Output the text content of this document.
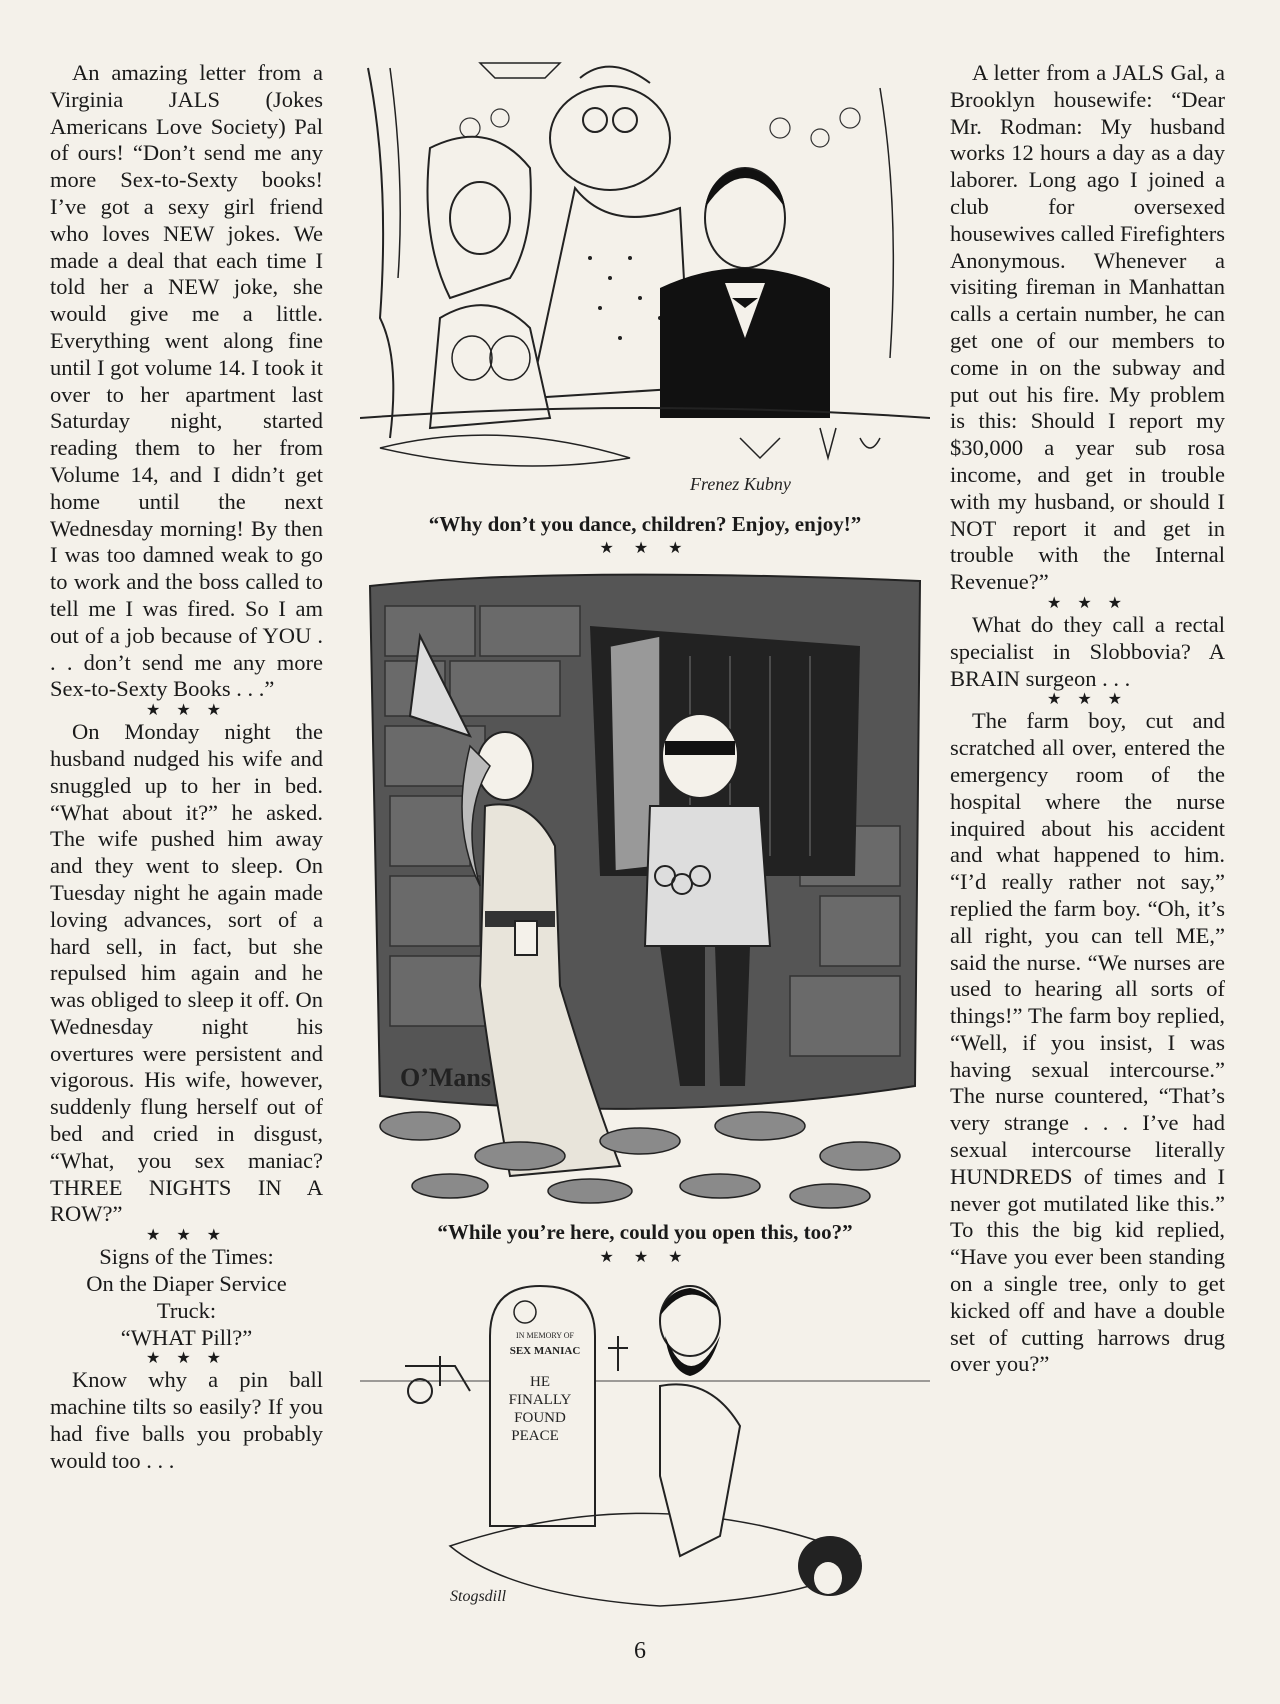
An amazing letter from a Virginia JALS (Jokes Americans Love Society) Pal of ours! “Don’t send me any more Sex-to-Sexty books! I’ve got a sexy girl friend who loves NEW jokes. We made a deal that each time I told her a NEW joke, she would give me a little. Everything went along fine until I got volume 14. I took it over to her apartment last Saturday night, started reading them to her from Volume 14, and I didn’t get home until the next Wednesday morning! By then I was too damned weak to go to work and the boss called to tell me I was fired. So I am out of a job because of YOU . . . don’t send me any more Sex-to-Sexty Books . . .”

★ ★ ★

On Monday night the husband nudged his wife and snuggled up to her in bed. “What about it?” he asked. The wife pushed him away and they went to sleep. On Tuesday night he again made loving advances, sort of a hard sell, in fact, but she repulsed him again and he was obliged to sleep it off. On Wednesday night his overtures were persistent and vigorous. His wife, however, suddenly flung herself out of bed and cried in disgust, “What, you sex maniac? THREE NIGHTS IN A ROW?”

★ ★ ★

Signs of the Times:

On the Diaper Service

Truck:

“WHAT Pill?”

★ ★ ★

Know why a pin ball machine tilts so easily? If you had five balls you probably would too . . .

Frenez Kubny
“Why don’t you dance, children? Enjoy, enjoy!”
★ ★ ★
O’Mans
“While you’re here, could you open this, too?”
★ ★ ★
IN MEMORY OF
SEX MANIAC
HE
FINALLY
FOUND
PEACE
Stogsdill

A letter from a JALS Gal, a Brooklyn housewife: “Dear Mr. Rodman: My husband works 12 hours a day as a day laborer. Long ago I joined a club for oversexed housewives called Firefighters Anonymous. Whenever a visiting fireman in Manhattan calls a certain number, he can get one of our members to come in on the subway and put out his fire. My problem is this: Should I report my $30,000 a year sub rosa income, and get in trouble with my husband, or should I NOT report it and get in trouble with the Internal Revenue?”

★ ★ ★

What do they call a rectal specialist in Slobbovia? A BRAIN surgeon . . .

★ ★ ★

The farm boy, cut and scratched all over, entered the emergency room of the hospital where the nurse inquired about his accident and what happened to him. “I’d really rather not say,” replied the farm boy. “Oh, it’s all right, you can tell ME,” said the nurse. “We nurses are used to hearing all sorts of things!” The farm boy replied, “Well, if you insist, I was having sexual intercourse.” The nurse countered, “That’s very strange . . . I’ve had sexual intercourse literally HUNDREDS of times and I never got mutilated like this.” To this the big kid replied, “Have you ever been standing on a single tree, only to get kicked off and have a double set of cutting harrows drug over you?”

6
